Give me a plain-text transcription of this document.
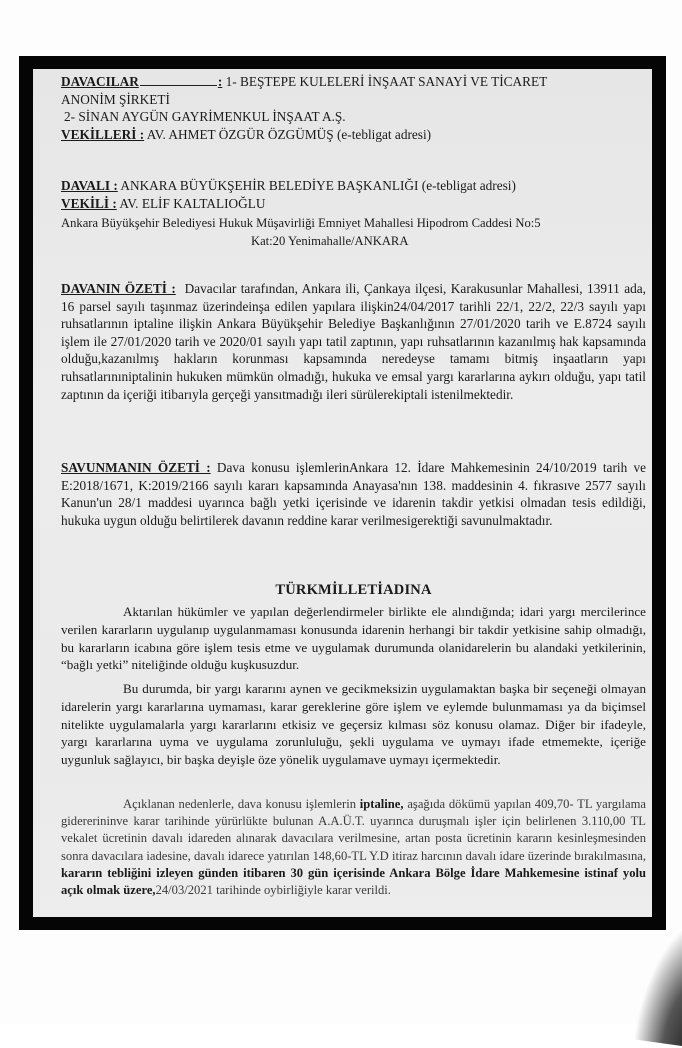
DAVACILAR	: 1- BEŞTEPE KULELERİ İNŞAAT SANAYİ VE TİCARET
ANONİM ŞİRKETİ
2- SİNAN AYGÜN GAYRİMENKUL İNŞAAT A.Ş.
VEKİLLERİ : AV. AHMET ÖZGÜR ÖZGÜMÜŞ (e-tebligat adresi)
DAVALI : ANKARA BÜYÜKŞEHİR BELEDİYE BAŞKANLIĞI (e-tebligat adresi)
VEKİLİ : AV. ELİF KALTALIOĞLU
Ankara Büyükşehir Belediyesi Hukuk Müşavirliği Emniyet Mahallesi Hipodrom Caddesi No:5
Kat:20 Yenimahalle/ANKARA
DAVANIN ÖZETİ : Davacılar tarafından, Ankara ili, Çankaya ilçesi, Karakusunlar Mahallesi, 13911 ada, 16 parsel sayılı taşınmaz üzerindeinşa edilen yapılara ilişkin24/04/2017 tarihli 22/1, 22/2, 22/3 sayılı yapı ruhsatlarının iptaline ilişkin Ankara Büyükşehir Belediye Başkanlığının 27/01/2020 tarih ve E.8724 sayılı işlem ile 27/01/2020 tarih ve 2020/01 sayılı yapı tatil zaptının, yapı ruhsatlarının kazanılmış hak kapsamında olduğu,kazanılmış hakların korunması kapsamında neredeyse tamamı bitmiş inşaatların yapı ruhsatlarınıniptalinin hukuken mümkün olmadığı, hukuka ve emsal yargı kararlarına aykırı olduğu, yapı tatil zaptının da içeriği itibarıyla gerçeği yansıtmadığı ileri sürülerekiptali istenilmektedir.
SAVUNMANIN ÖZETİ : Dava konusu işlemlerinAnkara 12. İdare Mahkemesinin 24/10/2019 tarih ve E:2018/1671, K:2019/2166 sayılı kararı kapsamında Anayasa'nın 138. maddesinin 4. fıkrasıve 2577 sayılı Kanun'un 28/1 maddesi uyarınca bağlı yetki içerisinde ve idarenin takdir yetkisi olmadan tesis edildiği, hukuka uygun olduğu belirtilerek davanın reddine karar verilmesigerektiği savunulmaktadır.
TÜRKMİLLETİADINA
Aktarılan hükümler ve yapılan değerlendirmeler birlikte ele alındığında; idari yargı mercilerince verilen kararların uygulanıp uygulanmaması konusunda idarenin herhangi bir takdir yetkisine sahip olmadığı, bu kararların icabına göre işlem tesis etme ve uygulamak durumunda olanidarelerin bu alandaki yetkilerinin, “bağlı yetki” niteliğinde olduğu kuşkusuzdur.
Bu durumda, bir yargı kararını aynen ve gecikmeksizin uygulamaktan başka bir seçeneği olmayan idarelerin yargı kararlarına uymaması, karar gereklerine göre işlem ve eylemde bulunmaması ya da biçimsel nitelikte uygulamalarla yargı kararlarını etkisiz ve geçersiz kılması söz konusu olamaz. Diğer bir ifadeyle, yargı kararlarına uyma ve uygulama zorunluluğu, şekli uygulama ve uymayı ifade etmemekte, içeriğe uygunluk sağlayıcı, bir başka deyişle öze yönelik uygulamave uymayı içermektedir.
Açıklanan nedenlerle, dava konusu işlemlerin iptaline, aşağıda dökümü yapılan 409,70- TL yargılama gidererininve karar tarihinde yürürlükte bulunan A.A.Ü.T. uyarınca duruşmalı işler için belirlenen 3.110,00 TL vekalet ücretinin davalı idareden alınarak davacılara verilmesine, artan posta ücretinin kararın kesinleşmesinden sonra davacılara iadesine, davalı idarece yatırılan 148,60-TL Y.D itiraz harcının davalı idare üzerinde bırakılmasına, kararın tebliğini izleyen günden itibaren 30 gün içerisinde Ankara Bölge İdare Mahkemesine istinaf yolu açık olmak üzere,24/03/2021 tarihinde oybirliğiyle karar verildi.
